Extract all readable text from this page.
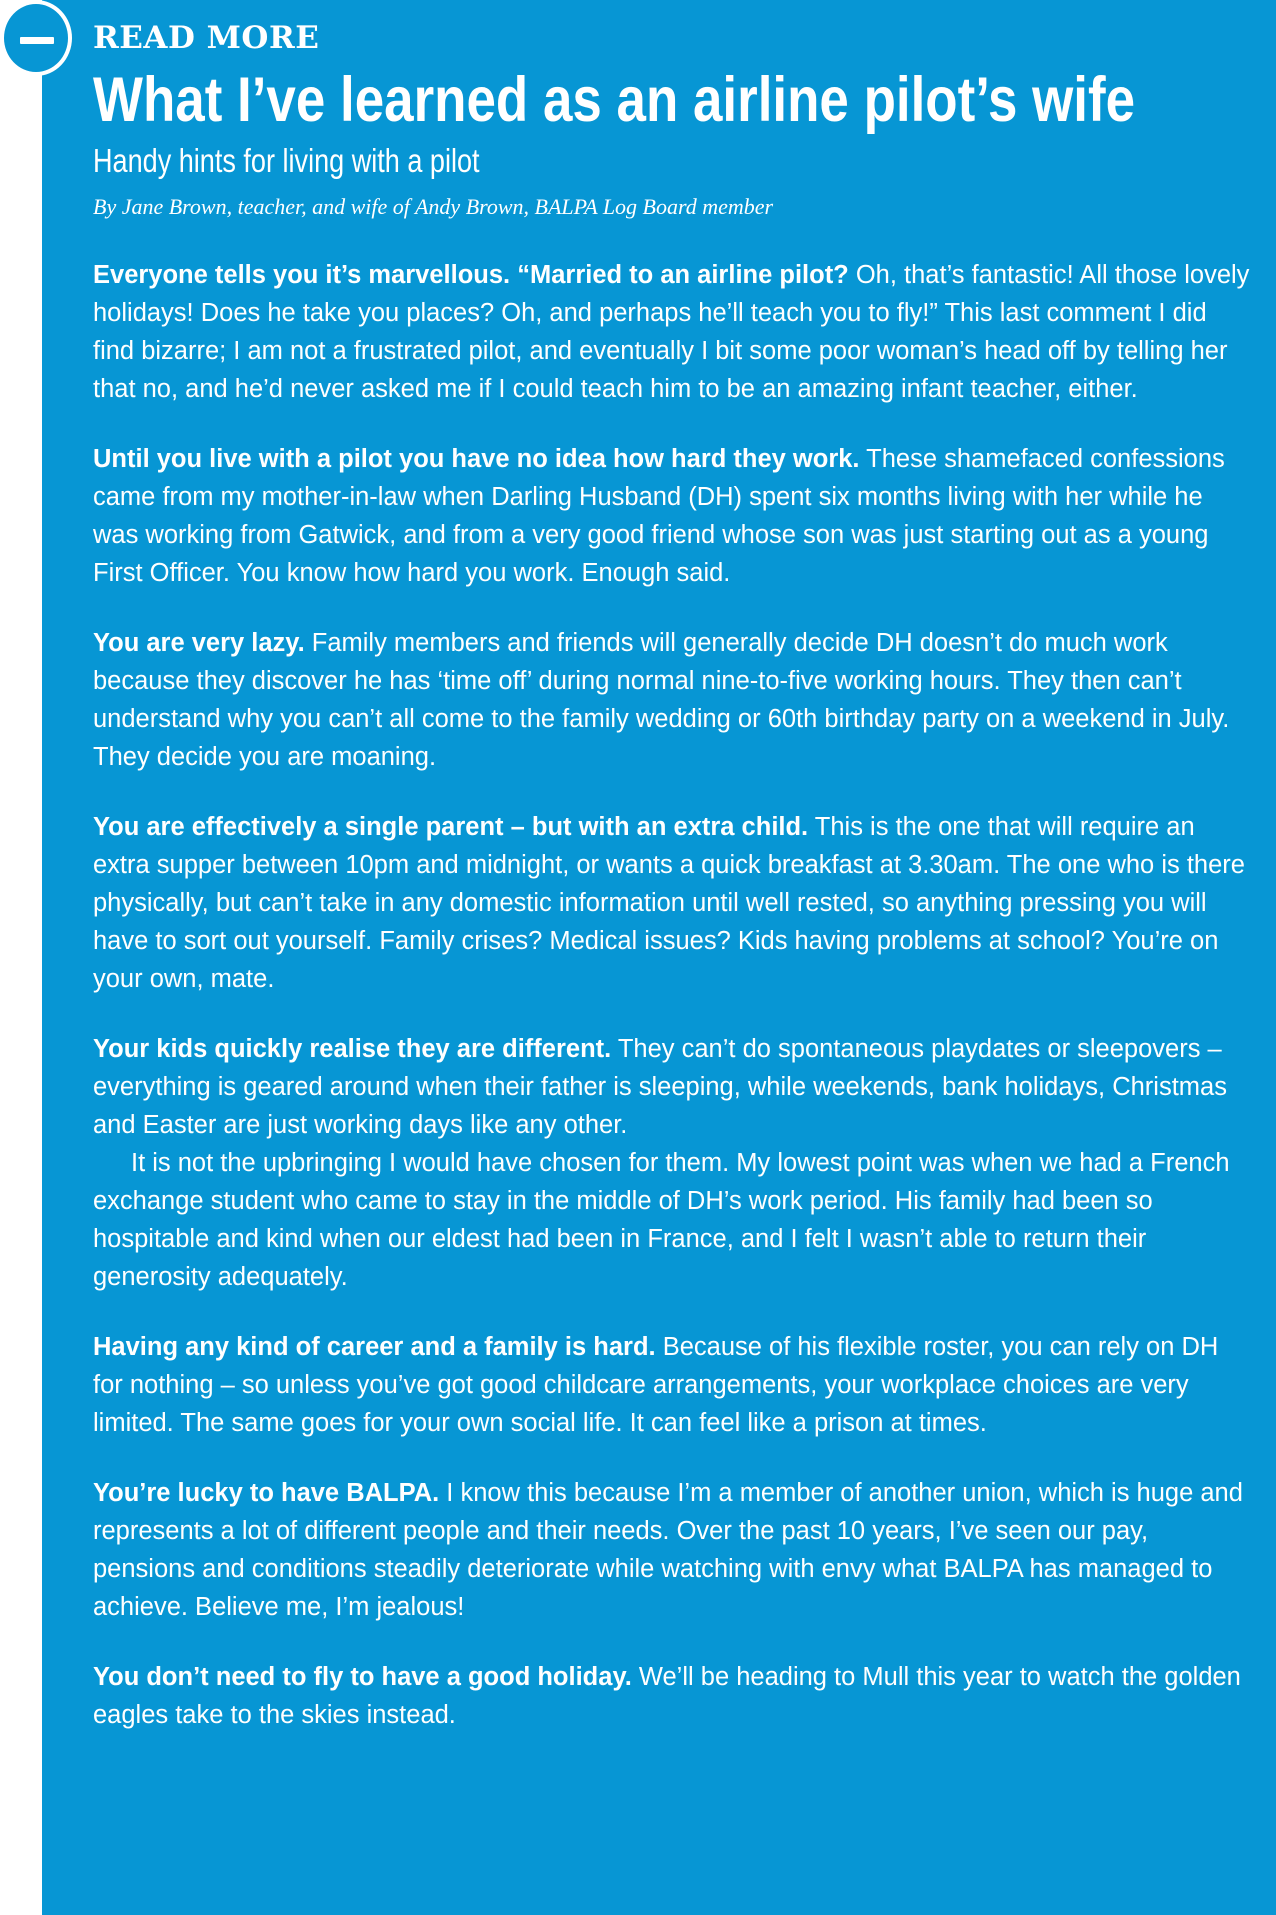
READ MORE
What I’ve learned as an airline pilot’s wife
Handy hints for living with a pilot
By Jane Brown, teacher, and wife of Andy Brown, BALPA Log Board member

Everyone tells you it’s marvellous. “Married to an airline pilot? Oh, that’s fantastic! All those lovely holidays! Does he take you places? Oh, and perhaps he’ll teach you to fly!” This last comment I did find bizarre; I am not a frustrated pilot, and eventually I bit some poor woman’s head off by telling her that no, and he’d never asked me if I could teach him to be an amazing infant teacher, either.

Until you live with a pilot you have no idea how hard they work. These shamefaced confessions came from my mother-in-law when Darling Husband (DH) spent six months living with her while he was working from Gatwick, and from a very good friend whose son was just starting out as a young First Officer. You know how hard you work. Enough said.

You are very lazy. Family members and friends will generally decide DH doesn’t do much work because they discover he has ‘time off’ during normal nine-to-five working hours. They then can’t understand why you can’t all come to the family wedding or 60th birthday party on a weekend in July. They decide you are moaning.

You are effectively a single parent – but with an extra child. This is the one that will require an extra supper between 10pm and midnight, or wants a quick breakfast at 3.30am. The one who is there physically, but can’t take in any domestic information until well rested, so anything pressing you will have to sort out yourself. Family crises? Medical issues? Kids having problems at school? You’re on your own, mate.

Your kids quickly realise they are different. They can’t do spontaneous playdates or sleepovers – everything is geared around when their father is sleeping, while weekends, bank holidays, Christmas and Easter are just working days like any other.
It is not the upbringing I would have chosen for them. My lowest point was when we had a French exchange student who came to stay in the middle of DH’s work period. His family had been so hospitable and kind when our eldest had been in France, and I felt I wasn’t able to return their generosity adequately.

Having any kind of career and a family is hard. Because of his flexible roster, you can rely on DH for nothing – so unless you’ve got good childcare arrangements, your workplace choices are very limited. The same goes for your own social life. It can feel like a prison at times.

You’re lucky to have BALPA. I know this because I’m a member of another union, which is huge and represents a lot of different people and their needs. Over the past 10 years, I’ve seen our pay, pensions and conditions steadily deteriorate while watching with envy what BALPA has managed to achieve. Believe me, I’m jealous!

You don’t need to fly to have a good holiday. We’ll be heading to Mull this year to watch the golden eagles take to the skies instead.
